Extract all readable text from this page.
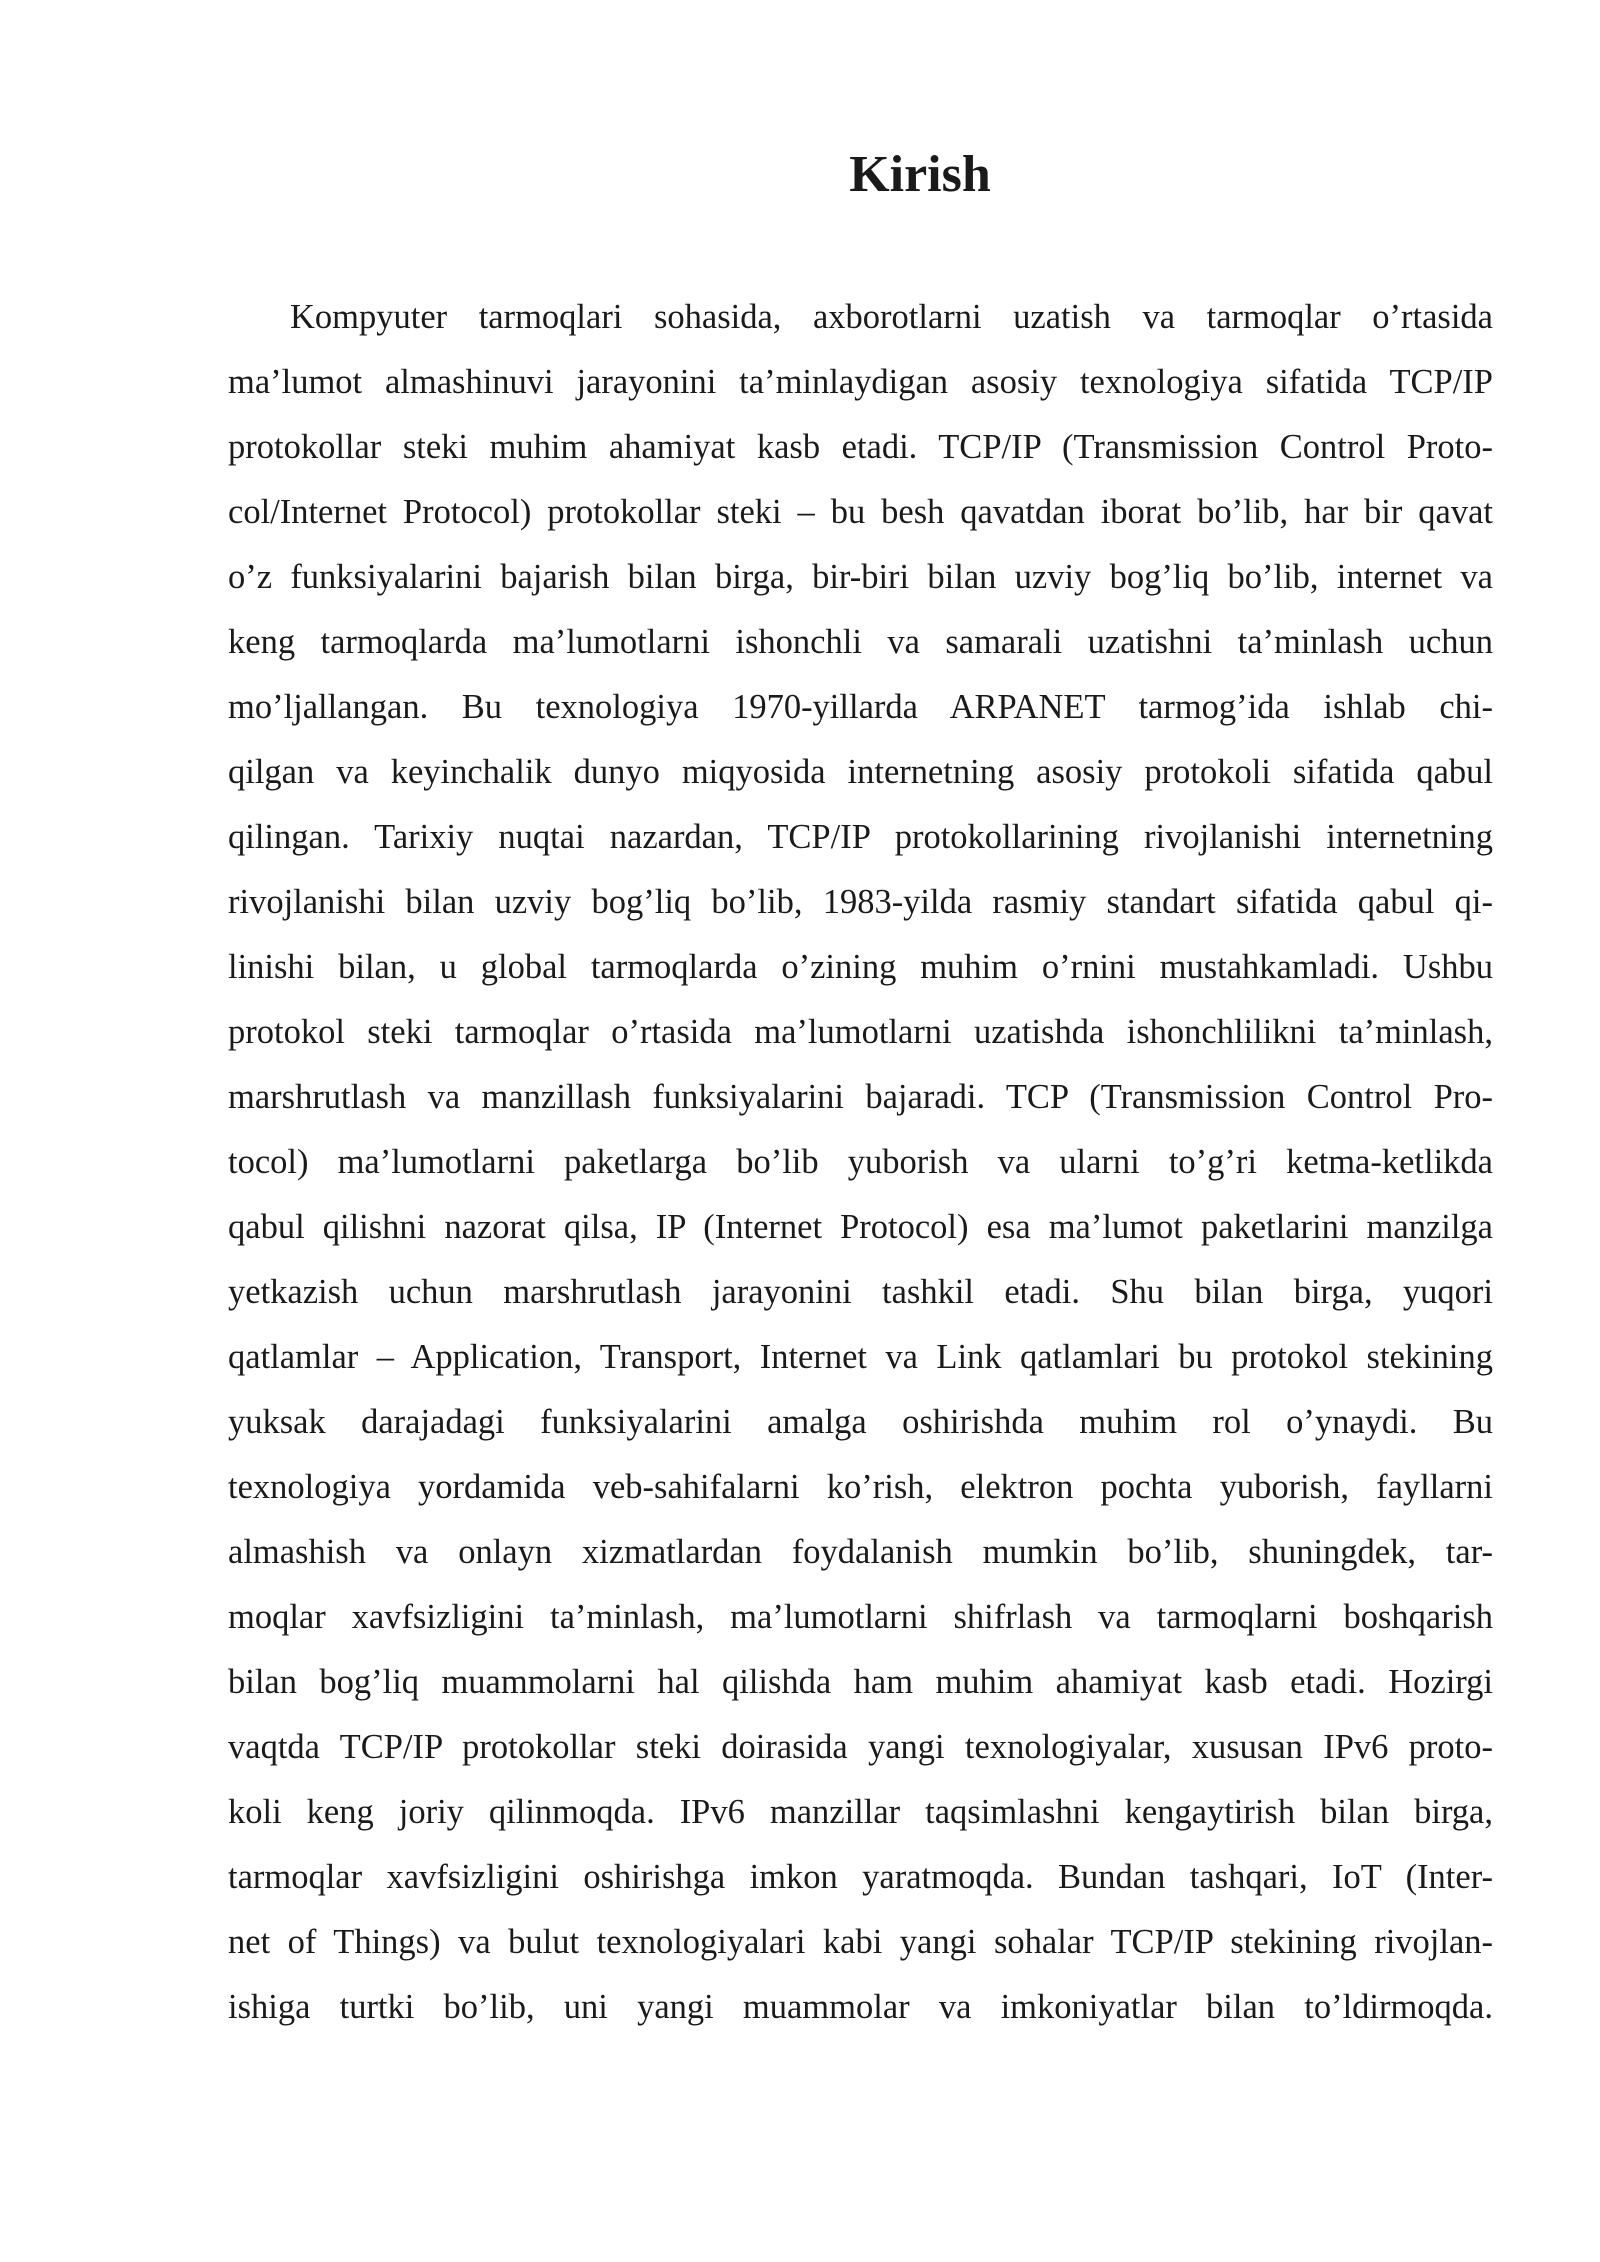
Kirish
Kompyuter tarmoqlari sohasida, axborotlarni uzatish va tarmoqlar o’rtasida
ma’lumot almashinuvi jarayonini ta’minlaydigan asosiy texnologiya sifatida TCP/IP
protokollar steki muhim ahamiyat kasb etadi. TCP/IP (Transmission Control Proto-
col/Internet Protocol) protokollar steki – bu besh qavatdan iborat bo’lib, har bir qavat
o’z funksiyalarini bajarish bilan birga, bir-biri bilan uzviy bog’liq bo’lib, internet va
keng tarmoqlarda ma’lumotlarni ishonchli va samarali uzatishni ta’minlash uchun
mo’ljallangan. Bu texnologiya 1970-yillarda ARPANET tarmog’ida ishlab chi-
qilgan va keyinchalik dunyo miqyosida internetning asosiy protokoli sifatida qabul
qilingan. Tarixiy nuqtai nazardan, TCP/IP protokollarining rivojlanishi internetning
rivojlanishi bilan uzviy bog’liq bo’lib, 1983-yilda rasmiy standart sifatida qabul qi-
linishi bilan, u global tarmoqlarda o’zining muhim o’rnini mustahkamladi. Ushbu
protokol steki tarmoqlar o’rtasida ma’lumotlarni uzatishda ishonchlilikni ta’minlash,
marshrutlash va manzillash funksiyalarini bajaradi. TCP (Transmission Control Pro-
tocol) ma’lumotlarni paketlarga bo’lib yuborish va ularni to’g’ri ketma-ketlikda
qabul qilishni nazorat qilsa, IP (Internet Protocol) esa ma’lumot paketlarini manzilga
yetkazish uchun marshrutlash jarayonini tashkil etadi. Shu bilan birga, yuqori
qatlamlar – Application, Transport, Internet va Link qatlamlari bu protokol stekining
yuksak darajadagi funksiyalarini amalga oshirishda muhim rol o’ynaydi. Bu
texnologiya yordamida veb-sahifalarni ko’rish, elektron pochta yuborish, fayllarni
almashish va onlayn xizmatlardan foydalanish mumkin bo’lib, shuningdek, tar-
moqlar xavfsizligini ta’minlash, ma’lumotlarni shifrlash va tarmoqlarni boshqarish
bilan bog’liq muammolarni hal qilishda ham muhim ahamiyat kasb etadi. Hozirgi
vaqtda TCP/IP protokollar steki doirasida yangi texnologiyalar, xususan IPv6 proto-
koli keng joriy qilinmoqda. IPv6 manzillar taqsimlashni kengaytirish bilan birga,
tarmoqlar xavfsizligini oshirishga imkon yaratmoqda. Bundan tashqari, IoT (Inter-
net of Things) va bulut texnologiyalari kabi yangi sohalar TCP/IP stekining rivojlan-
ishiga turtki bo’lib, uni yangi muammolar va imkoniyatlar bilan to’ldirmoqda.
